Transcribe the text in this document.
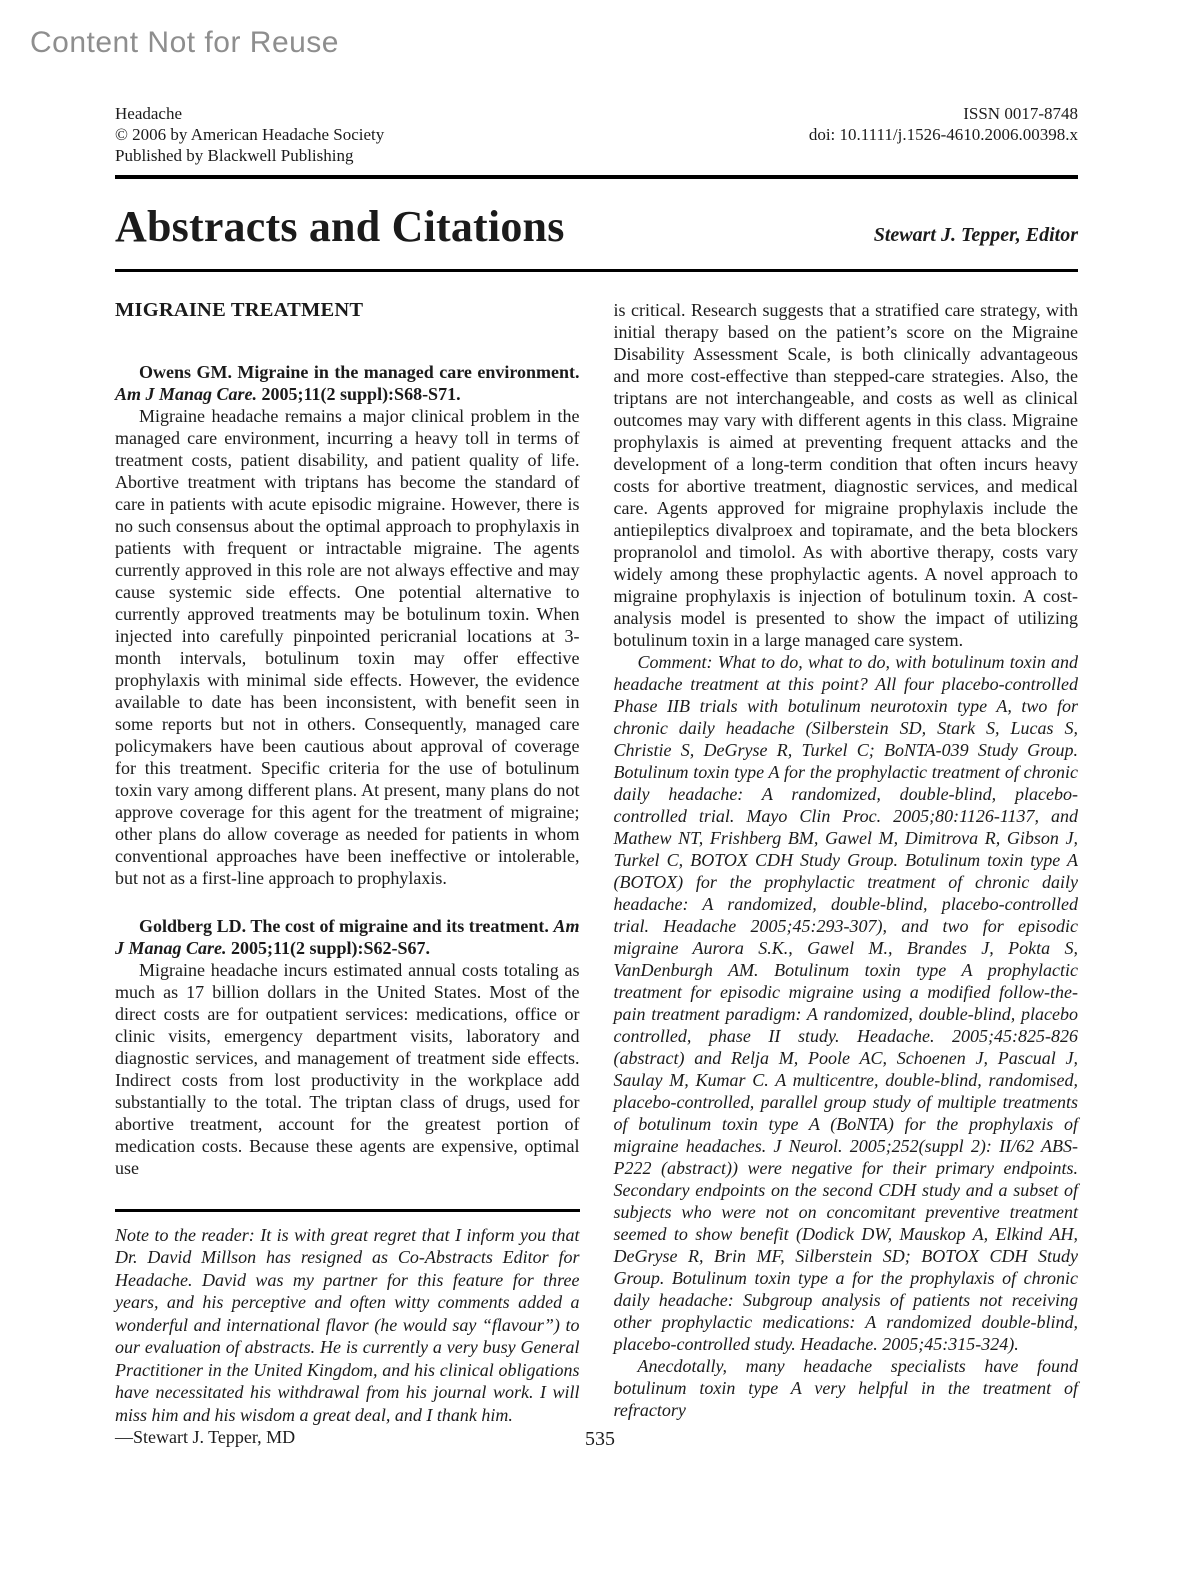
Content Not for Reuse
Headache
© 2006 by American Headache Society
Published by Blackwell Publishing
ISSN 0017-8748
doi: 10.1111/j.1526-4610.2006.00398.x
Abstracts and Citations	Stewart J. Tepper, Editor
MIGRAINE TREATMENT

Owens GM. Migraine in the managed care environment. Am J Manag Care. 2005;11(2 suppl):S68-S71.

Migraine headache remains a major clinical problem in the managed care environment, incurring a heavy toll in terms of treatment costs, patient disability, and patient quality of life. Abortive treatment with triptans has become the standard of care in patients with acute episodic migraine. However, there is no such consensus about the optimal approach to prophylaxis in patients with frequent or intractable migraine. The agents currently approved in this role are not always effective and may cause systemic side effects. One potential alternative to currently approved treatments may be botulinum toxin. When injected into carefully pinpointed pericranial locations at 3-month intervals, botulinum toxin may offer effective prophylaxis with minimal side effects. However, the evidence available to date has been inconsistent, with benefit seen in some reports but not in others. Consequently, managed care policymakers have been cautious about approval of coverage for this treatment. Specific criteria for the use of botulinum toxin vary among different plans. At present, many plans do not approve coverage for this agent for the treatment of migraine; other plans do allow coverage as needed for patients in whom conventional approaches have been ineffective or intolerable, but not as a first-line approach to prophylaxis.

Goldberg LD. The cost of migraine and its treatment. Am J Manag Care. 2005;11(2 suppl):S62-S67.

Migraine headache incurs estimated annual costs totaling as much as 17 billion dollars in the United States. Most of the direct costs are for outpatient services: medications, office or clinic visits, emergency department visits, laboratory and diagnostic services, and management of treatment side effects. Indirect costs from lost productivity in the workplace add substantially to the total. The triptan class of drugs, used for abortive treatment, account for the greatest portion of medication costs. Because these agents are expensive, optimal use

Note to the reader: It is with great regret that I inform you that Dr. David Millson has resigned as Co-Abstracts Editor for Headache. David was my partner for this feature for three years, and his perceptive and often witty comments added a wonderful and international flavor (he would say “flavour”) to our evaluation of abstracts. He is currently a very busy General Practitioner in the United Kingdom, and his clinical obligations have necessitated his withdrawal from his journal work. I will miss him and his wisdom a great deal, and I thank him.
—Stewart J. Tepper, MD

is critical. Research suggests that a stratified care strategy, with initial therapy based on the patient’s score on the Migraine Disability Assessment Scale, is both clinically advantageous and more cost-effective than stepped-care strategies. Also, the triptans are not interchangeable, and costs as well as clinical outcomes may vary with different agents in this class. Migraine prophylaxis is aimed at preventing frequent attacks and the development of a long-term condition that often incurs heavy costs for abortive treatment, diagnostic services, and medical care. Agents approved for migraine prophylaxis include the antiepileptics divalproex and topiramate, and the beta blockers propranolol and timolol. As with abortive therapy, costs vary widely among these prophylactic agents. A novel approach to migraine prophylaxis is injection of botulinum toxin. A cost-analysis model is presented to show the impact of utilizing botulinum toxin in a large managed care system.

Comment: What to do, what to do, with botulinum toxin and headache treatment at this point? All four placebo-controlled Phase IIB trials with botulinum neurotoxin type A, two for chronic daily headache (Silberstein SD, Stark S, Lucas S, Christie S, DeGryse R, Turkel C; BoNTA-039 Study Group. Botulinum toxin type A for the prophylactic treatment of chronic daily headache: A randomized, double-blind, placebo-controlled trial. Mayo Clin Proc. 2005;80:1126-1137, and Mathew NT, Frishberg BM, Gawel M, Dimitrova R, Gibson J, Turkel C, BOTOX CDH Study Group. Botulinum toxin type A (BOTOX) for the prophylactic treatment of chronic daily headache: A randomized, double-blind, placebo-controlled trial. Headache 2005;45:293-307), and two for episodic migraine Aurora S.K., Gawel M., Brandes J, Pokta S, VanDenburgh AM. Botulinum toxin type A prophylactic treatment for episodic migraine using a modified follow-the-pain treatment paradigm: A randomized, double-blind, placebo controlled, phase II study. Headache. 2005;45:825-826 (abstract) and Relja M, Poole AC, Schoenen J, Pascual J, Saulay M, Kumar C. A multicentre, double-blind, randomised, placebo-controlled, parallel group study of multiple treatments of botulinum toxin type A (BoNTA) for the prophylaxis of migraine headaches. J Neurol. 2005;252(suppl 2): II/62 ABS-P222 (abstract)) were negative for their primary endpoints. Secondary endpoints on the second CDH study and a subset of subjects who were not on concomitant preventive treatment seemed to show benefit (Dodick DW, Mauskop A, Elkind AH, DeGryse R, Brin MF, Silberstein SD; BOTOX CDH Study Group. Botulinum toxin type a for the prophylaxis of chronic daily headache: Subgroup analysis of patients not receiving other prophylactic medications: A randomized double-blind, placebo-controlled study. Headache. 2005;45:315-324).

Anecdotally, many headache specialists have found botulinum toxin type A very helpful in the treatment of refractory

535
